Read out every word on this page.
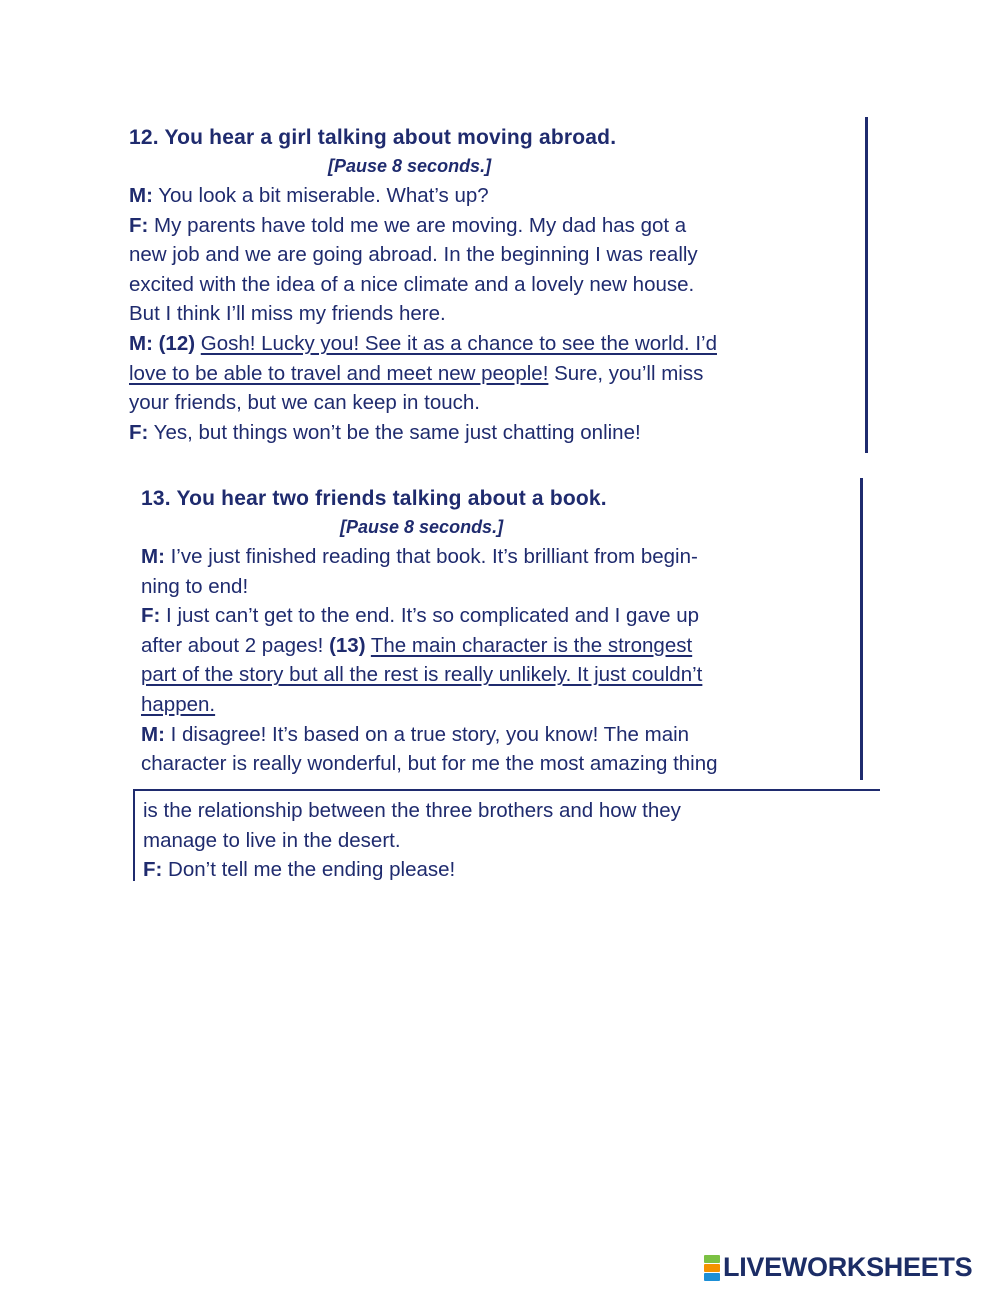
12. You hear a girl talking about moving abroad.

[Pause 8 seconds.]

M: You look a bit miserable. What’s up?

F: My parents have told me we are moving. My dad has got a

new job and we are going abroad. In the beginning I was really

excited with the idea of a nice climate and a lovely new house.

But I think I’ll miss my friends here.

M: (12) Gosh! Lucky you! See it as a chance to see the world. I’d

love to be able to travel and meet new people! Sure, you’ll miss

your friends, but we can keep in touch.

F: Yes, but things won’t be the same just chatting online!

13. You hear two friends talking about a book.

[Pause 8 seconds.]

M: I’ve just finished reading that book. It’s brilliant from begin-

ning to end!

F: I just can’t get to the end. It’s so complicated and I gave up

after about 2 pages! (13) The main character is the strongest

part of the story but all the rest is really unlikely. It just couldn’t

happen.

M: I disagree! It’s based on a true story, you know! The main

character is really wonderful, but for me the most amazing thing

is the relationship between the three brothers and how they

manage to live in the desert.

F: Don’t tell me the ending please!

LIVEWORKSHEETS
